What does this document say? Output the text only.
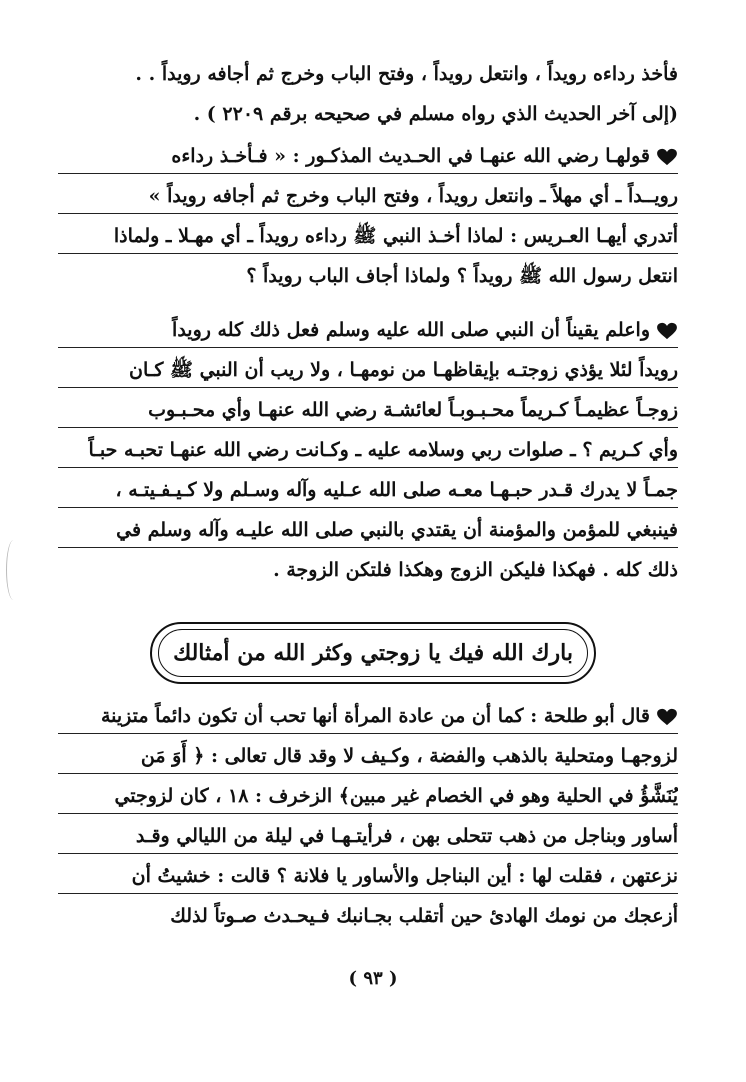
فأخذ رداءه رويداً ، وانتعل رويداً ، وفتح الباب وخرج ثم أجافه رويداً . .
(إلى آخر الحديث الذي رواه مسلم في صحيحه برقم ٢٢٠٩ ) .
قولهـا رضي الله عنهـا في الحـديث المذكـور : « فـأخـذ رداءه
رويــداً ـ أي مهلاً ـ وانتعل رويداً ، وفتح الباب وخرج ثم أجافه رويداً »
أتدري أيهـا العـريس : لماذا أخـذ النبي ﷺ رداءه رويداً ـ أي مهـلا ـ ولماذا
انتعل رسول الله ﷺ رويداً ؟ ولماذا أجاف الباب رويداً ؟
واعلم يقيناً أن النبي صلى الله عليه وسلم فعل ذلك كله رويداً
رويداً لئلا يؤذي زوجتـه بإيقاظهـا من نومهـا ، ولا ريب أن النبي ﷺ كـان
زوجـاً عظيمـاً كـريماً محـبـوبـاً لعائشـة رضي الله عنهـا وأي محـبـوب
وأي كـريم ؟ ـ صلوات ربي وسلامه عليه ـ وكـانت رضي الله عنهـا تحبـه حبـاً
جمـاً لا يدرك قـدر حبـهـا معـه صلى الله عـليه وآله وسـلم ولا كـيـفـيتـه ،
فينبغي للمؤمن والمؤمنة أن يقتدي بالنبي صلى الله عليـه وآله وسلم في
ذلك كله . فهكذا فليكن الزوج وهكذا فلتكن الزوجة .
بارك الله فيك يا زوجتي وكثر الله من أمثالك
قال أبو طلحة : كما أن من عادة المرأة أنها تحب أن تكون دائماً متزينة
لزوجهـا ومتحلية بالذهب والفضة ، وكـيف لا وقد قال تعالى : ﴿ أَوَ مَن
يُنَشَّؤُ في الحلية وهو في الخصام غير مبين﴾ الزخرف : ١٨ ، كان لزوجتي
أساور وبناجل من ذهب تتحلى بهن ، فرأيتـهـا في ليلة من الليالي وقـد
نزعتهن ، فقلت لها : أين البناجل والأساور يا فلانة ؟ قالت : خشيتُ أن
أزعجك من نومك الهادئ حين أتقلب بجـانبك فـيحـدث صـوتاً لذلك
( ٩٣ )
